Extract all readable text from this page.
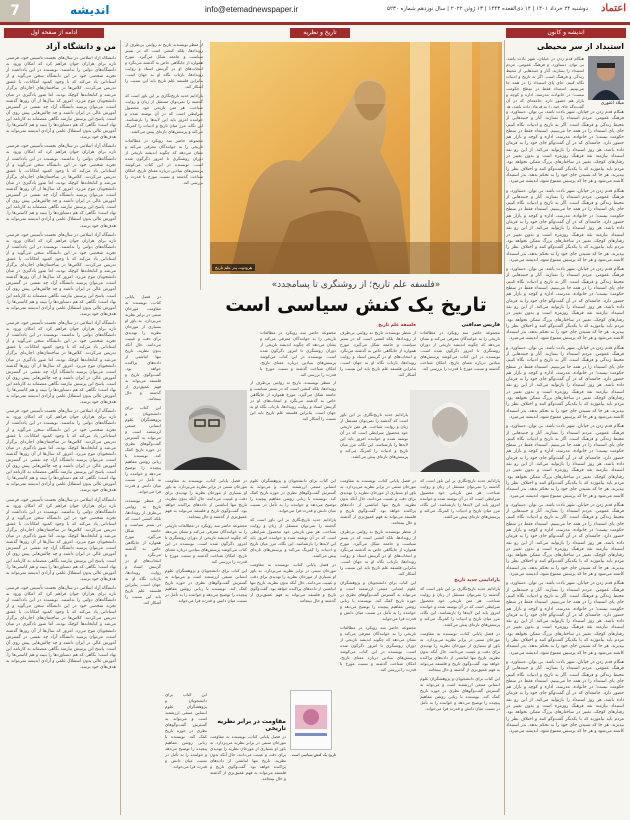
7	اندیشه	info@etemadnewspaper.ir	دوشنبه ۲۴ خرداد ۱۴۰۱ | ۱۴ ذی‌القعده ۱۴۴۳ | ۱۳ ژوئن ۲۰۲۲ | سال نوزدهم شماره ۵۲۳۰ اعتماد
اندیشه و کانون
تاریخ و نظریه
ادامه از صفحه اول
استبداد از سر محیطی
میلاد اعتوری
هنگام قدم زدن در خیابان، شهر بادت باشد. بی توان. دستاورد. و فرهنگ عمومی. مردم استبداد را بسازند. آثار و جنبه‌هایی از محیط زندگی و فرهنگ است. اگر به تاریخ و ادبیات نگاه کنیم، جای پای استبداد را در همه جا می‌بینیم. استبداد فقط در سطح حکومت نیست؛ در خانواده، مدرسه، اداره و کوچه و بازار هم حضور دارد. جامعه‌ای که در آن گفت‌وگو جای خود را به فرمان داده باشد، هر

هنگام قدم زدن در خیابان، شهر بادت باشد. بی توان. دستاورد. و فرهنگ عمومی. مردم استبداد را بسازند. آثار و جنبه‌هایی از محیط زندگی و فرهنگ است. اگر به تاریخ و ادبیات نگاه کنیم، جای پای استبداد را در همه جا می‌بینیم. استبداد فقط در سطح حکومت نیست؛ در خانواده، مدرسه، اداره و کوچه و بازار هم حضور دارد. جامعه‌ای که در آن گفت‌وگو جای خود را به فرمان داده باشد، هر روز استبداد را بازتولید می‌کند. از این رو نقد استبداد نیازمند نقد فرهنگ روزمره است و بدون تغییر در رفتارهای کوچک، تغییر در ساختارهای بزرگ ممکن نخواهد بود. مردم باید بیاموزند که با یکدیگر گفت‌وگو کنند و اختلاف نظر را بپذیرند. هر جا که شنیدن جای خود را به تحکم بدهد، بذر استبداد کاشته می‌شود و هر جا که پرسش ممنوع شود، اندیشه می‌میرد.

هنگام قدم زدن در خیابان، شهر بادت باشد. بی توان. دستاورد. و فرهنگ عمومی. مردم استبداد را بسازند. آثار و جنبه‌هایی از محیط زندگی و فرهنگ است. اگر به تاریخ و ادبیات نگاه کنیم، جای پای استبداد را در همه جا می‌بینیم. استبداد فقط در سطح حکومت نیست؛ در خانواده، مدرسه، اداره و کوچه و بازار هم حضور دارد. جامعه‌ای که در آن گفت‌وگو جای خود را به فرمان داده باشد، هر روز استبداد را بازتولید می‌کند. از این رو نقد استبداد نیازمند نقد فرهنگ روزمره است و بدون تغییر در رفتارهای کوچک، تغییر در ساختارهای بزرگ ممکن نخواهد بود. مردم باید بیاموزند که با یکدیگر گفت‌وگو کنند و اختلاف نظر را بپذیرند. هر جا که شنیدن جای خود را به تحکم بدهد، بذر استبداد کاشته می‌شود و هر جا که پرسش ممنوع شود، اندیشه می‌میرد.

هنگام قدم زدن در خیابان، شهر بادت باشد. بی توان. دستاورد. و فرهنگ عمومی. مردم استبداد را بسازند. آثار و جنبه‌هایی از محیط زندگی و فرهنگ است. اگر به تاریخ و ادبیات نگاه کنیم، جای پای استبداد را در همه جا می‌بینیم. استبداد فقط در سطح حکومت نیست؛ در خانواده، مدرسه، اداره و کوچه و بازار هم حضور دارد. جامعه‌ای که در آن گفت‌وگو جای خود را به فرمان داده باشد، هر روز استبداد را بازتولید می‌کند. از این رو نقد استبداد نیازمند نقد فرهنگ روزمره است و بدون تغییر در رفتارهای کوچک، تغییر در ساختارهای بزرگ ممکن نخواهد بود. مردم باید بیاموزند که با یکدیگر گفت‌وگو کنند و اختلاف نظر را بپذیرند. هر جا که شنیدن جای خود را به تحکم بدهد، بذر استبداد کاشته می‌شود و هر جا که پرسش ممنوع شود، اندیشه می‌میرد.

هنگام قدم زدن در خیابان، شهر بادت باشد. بی توان. دستاورد. و فرهنگ عمومی. مردم استبداد را بسازند. آثار و جنبه‌هایی از محیط زندگی و فرهنگ است. اگر به تاریخ و ادبیات نگاه کنیم، جای پای استبداد را در همه جا می‌بینیم. استبداد فقط در سطح حکومت نیست؛ در خانواده، مدرسه، اداره و کوچه و بازار هم حضور دارد. جامعه‌ای که در آن گفت‌وگو جای خود را به فرمان داده باشد، هر روز استبداد را بازتولید می‌کند. از این رو نقد استبداد نیازمند نقد فرهنگ روزمره است و بدون تغییر در رفتارهای کوچک، تغییر در ساختارهای بزرگ ممکن نخواهد بود. مردم باید بیاموزند که با یکدیگر گفت‌وگو کنند و اختلاف نظر را بپذیرند. هر جا که شنیدن جای خود را به تحکم بدهد، بذر استبداد کاشته می‌شود و هر جا که پرسش ممنوع شود، اندیشه می‌میرد.

هنگام قدم زدن در خیابان، شهر بادت باشد. بی توان. دستاورد. و فرهنگ عمومی. مردم استبداد را بسازند. آثار و جنبه‌هایی از محیط زندگی و فرهنگ است. اگر به تاریخ و ادبیات نگاه کنیم، جای پای استبداد را در همه جا می‌بینیم. استبداد فقط در سطح حکومت نیست؛ در خانواده، مدرسه، اداره و کوچه و بازار هم حضور دارد. جامعه‌ای که در آن گفت‌وگو جای خود را به فرمان داده باشد، هر روز استبداد را بازتولید می‌کند. از این رو نقد استبداد نیازمند نقد فرهنگ روزمره است و بدون تغییر در رفتارهای کوچک، تغییر در ساختارهای بزرگ ممکن نخواهد بود. مردم باید بیاموزند که با یکدیگر گفت‌وگو کنند و اختلاف نظر را بپذیرند. هر جا که شنیدن جای خود را به تحکم بدهد، بذر استبداد کاشته می‌شود و هر جا که پرسش ممنوع شود، اندیشه می‌میرد.

هنگام قدم زدن در خیابان، شهر بادت باشد. بی توان. دستاورد. و فرهنگ عمومی. مردم استبداد را بسازند. آثار و جنبه‌هایی از محیط زندگی و فرهنگ است. اگر به تاریخ و ادبیات نگاه کنیم، جای پای استبداد را در همه جا می‌بینیم. استبداد فقط در سطح حکومت نیست؛ در خانواده، مدرسه، اداره و کوچه و بازار هم حضور دارد. جامعه‌ای که در آن گفت‌وگو جای خود را به فرمان داده باشد، هر روز استبداد را بازتولید می‌کند. از این رو نقد استبداد نیازمند نقد فرهنگ روزمره است و بدون تغییر در رفتارهای کوچک، تغییر در ساختارهای بزرگ ممکن نخواهد بود. مردم باید بیاموزند که با یکدیگر گفت‌وگو کنند و اختلاف نظر را بپذیرند. هر جا که شنیدن جای خود را به تحکم بدهد، بذر استبداد کاشته می‌شود و هر جا که پرسش ممنوع شود، اندیشه می‌میرد.

هنگام قدم زدن در خیابان، شهر بادت باشد. بی توان. دستاورد. و فرهنگ عمومی. مردم استبداد را بسازند. آثار و جنبه‌هایی از محیط زندگی و فرهنگ است. اگر به تاریخ و ادبیات نگاه کنیم، جای پای استبداد را در همه جا می‌بینیم. استبداد فقط در سطح حکومت نیست؛ در خانواده، مدرسه، اداره و کوچه و بازار هم حضور دارد. جامعه‌ای که در آن گفت‌وگو جای خود را به فرمان داده باشد، هر روز استبداد را بازتولید می‌کند. از این رو نقد استبداد نیازمند نقد فرهنگ روزمره است و بدون تغییر در رفتارهای کوچک، تغییر در ساختارهای بزرگ ممکن نخواهد بود. مردم باید بیاموزند که با یکدیگر گفت‌وگو کنند و اختلاف نظر را بپذیرند. هر جا که شنیدن جای خود را به تحکم بدهد، بذر استبداد کاشته می‌شود و هر جا که پرسش ممنوع شود، اندیشه می‌میرد.

هنگام قدم زدن در خیابان، شهر بادت باشد. بی توان. دستاورد. و فرهنگ عمومی. مردم استبداد را بسازند. آثار و جنبه‌هایی از محیط زندگی و فرهنگ است. اگر به تاریخ و ادبیات نگاه کنیم، جای پای استبداد را در همه جا می‌بینیم. استبداد فقط در سطح حکومت نیست؛ در خانواده، مدرسه، اداره و کوچه و بازار هم حضور دارد. جامعه‌ای که در آن گفت‌وگو جای خود را به فرمان داده باشد، هر روز استبداد را بازتولید می‌کند. از این رو نقد استبداد نیازمند نقد فرهنگ روزمره است و بدون تغییر در رفتارهای کوچک، تغییر در ساختارهای بزرگ ممکن نخواهد بود. مردم باید بیاموزند که با یکدیگر گفت‌وگو کنند و اختلاف نظر را بپذیرند. هر جا که شنیدن جای خود را به تحکم بدهد، بذر استبداد کاشته می‌شود و هر جا که پرسش ممنوع شود، اندیشه می‌میرد.

هرودوت پدر علم تاریخ
«فلسفه علم تاریخ؛ از روشنگری تا پسامجدد»
تاریخ یک کنش سیاسی است
فاریس صداقتی
مجموعه حاضر سه رویکرد در مطالعات تاریخی را به خوانندگان معرفی می‌کند و نشان می‌دهد که چگونه اندیشه تاریخی از دوران روشنگری تا امروز دگرگون شده است. نویسنده در این کتاب می‌کوشد پرسش‌های بنیادین درباره معنای تاریخ، امکان شناخت گذشته و نسبت مورخ با قدرت را بررسی کند.
از منظر نویسنده، تاریخ نه روایتی بی‌طرف از رویدادها، بلکه کنشی است که در بستر سیاست و جامعه شکل می‌گیرد. مورخ همواره از جایگاهی خاص به گذشته می‌نگرد و انتخاب‌های او در گزینش اسناد و روایت رویدادها، بازتاب نگاه او به جهان است. بنابراین فلسفه علم تاریخ باید این نسبت را آشکار کند.
مجموعه حاضر سه رویکرد در مطالعات تاریخی را به خوانندگان معرفی می‌کند و نشان می‌دهد که چگونه اندیشه تاریخی از دوران روشنگری تا امروز دگرگون شده است. نویسنده در این کتاب می‌کوشد پرسش‌های بنیادین درباره معنای تاریخ، امکان شناخت گذشته و نسبت مورخ با قدرت را بررسی کند.
فلسفه علم تاریخ
پارادایم جدید تاریخ‌نگاری بر این باور است که گذشته را نمی‌توان مستقل از زبان و روایت شناخت. هر متن تاریخی خود محصول شرایطی است که در آن نوشته شده و خواننده امروز باید این لایه‌ها را بازشناسد. این نگاه، مرز میان تاریخ و ادبیات را کمرنگ می‌کند و پرسش‌های تازه‌ای پیش می‌کشد.
از منظر نویسنده، تاریخ نه روایتی بی‌طرف از رویدادها، بلکه کنشی است که در بستر سیاست و جامعه شکل می‌گیرد. مورخ همواره از جایگاهی خاص به گذشته می‌نگرد و انتخاب‌های او در گزینش اسناد و روایت رویدادها، بازتاب نگاه او به جهان است. بنابراین فلسفه علم تاریخ باید این نسبت را آشکار کند.
پارادایمی جدید تاریخ
پارادایم جدید تاریخ‌نگاری بر این باور است که گذشته را نمی‌توان مستقل از زبان و روایت شناخت. هر متن تاریخی خود محصول شرایطی است که در آن نوشته شده و خواننده امروز باید این لایه‌ها را بازشناسد. این نگاه، مرز میان تاریخ و ادبیات را کمرنگ می‌کند و پرسش‌های تازه‌ای پیش می‌کشد.

پارادایم جدید تاریخ‌نگاری بر این باور است که گذشته را نمی‌توان مستقل از زبان و روایت شناخت. هر متن تاریخی خود محصول شرایطی است که در آن نوشته شده و خواننده امروز باید این لایه‌ها را بازشناسد. این نگاه، مرز میان تاریخ و ادبیات را کمرنگ می‌کند و پرسش‌های تازه‌ای پیش می‌کشد.

در فصل پایانی کتاب، نویسنده به مقاومت مورخان سنتی در برابر نظریه می‌پردازد. به باور او بسیاری از مورخان نظریه را تهدیدی برای دقت و عینیت می‌دانند، حال آنکه بدون نظریه، تاریخ تنها انباشتی از داده‌های پراکنده خواهد بود. گفت‌وگوی تاریخ و فلسفه می‌تواند به فهم عمیق‌تری از گذشته و حال بینجامد.

این کتاب برای دانشجویان و پژوهشگران علوم انسانی منبعی ارزشمند است و می‌تواند به گسترش گفت‌وگوهای نظری در حوزه تاریخ کمک کند. نویسنده با زبانی روشن مفاهیم پیچیده را توضیح می‌دهد و خواننده را به تأمل در نسبت میان دانش و قدرت فرا می‌خواند.

در فصل پایانی کتاب، نویسنده به مقاومت مورخان سنتی در برابر نظریه می‌پردازد. به باور او بسیاری از مورخان نظریه را تهدیدی برای دقت و عینیت می‌دانند، حال آنکه بدون نظریه، تاریخ تنها انباشتی از داده‌های پراکنده خواهد بود. گفت‌وگوی تاریخ و فلسفه می‌تواند به فهم عمیق‌تری از گذشته و حال بینجامد.

از منظر نویسنده، تاریخ نه روایتی بی‌طرف از رویدادها، بلکه کنشی است که در بستر سیاست و جامعه شکل می‌گیرد. مورخ همواره از جایگاهی خاص به گذشته می‌نگرد و انتخاب‌های او در گزینش اسناد و روایت رویدادها، بازتاب نگاه او به جهان است. بنابراین فلسفه علم تاریخ باید این نسبت را آشکار کند.

این کتاب برای دانشجویان و پژوهشگران علوم انسانی منبعی ارزشمند است و می‌تواند به گسترش گفت‌وگوهای نظری در حوزه تاریخ کمک کند. نویسنده با زبانی روشن مفاهیم پیچیده را توضیح می‌دهد و خواننده را به تأمل در نسبت میان دانش و قدرت فرا می‌خواند.

مجموعه حاضر سه رویکرد در مطالعات تاریخی را به خوانندگان معرفی می‌کند و نشان می‌دهد که چگونه اندیشه تاریخی از دوران روشنگری تا امروز دگرگون شده است. نویسنده در این کتاب می‌کوشد پرسش‌های بنیادین درباره معنای تاریخ، امکان شناخت گذشته و نسبت مورخ با قدرت را بررسی کند.

این کتاب برای دانشجویان و پژوهشگران علوم انسانی منبعی ارزشمند است و می‌تواند به گسترش گفت‌وگوهای نظری در حوزه تاریخ کمک کند. نویسنده با زبانی روشن مفاهیم پیچیده را توضیح می‌دهد و خواننده را به تأمل در نسبت میان دانش و قدرت فرا می‌خواند.

پارادایم جدید تاریخ‌نگاری بر این باور است که گذشته را نمی‌توان مستقل از زبان و روایت شناخت. هر متن تاریخی خود محصول شرایطی است که در آن نوشته شده و خواننده امروز باید این لایه‌ها را بازشناسد. این نگاه، مرز میان تاریخ و ادبیات را کمرنگ می‌کند و پرسش‌های تازه‌ای پیش می‌کشد.

در فصل پایانی کتاب، نویسنده به مقاومت مورخان سنتی در برابر نظریه می‌پردازد. به باور او بسیاری از مورخان نظریه را تهدیدی برای دقت و عینیت می‌دانند، حال آنکه بدون نظریه، تاریخ تنها انباشتی از داده‌های پراکنده خواهد بود. گفت‌وگوی تاریخ و فلسفه می‌تواند به فهم عمیق‌تری از گذشته و حال بینجامد.

در فصل پایانی کتاب، نویسنده به مقاومت مورخان سنتی در برابر نظریه می‌پردازد. به باور او بسیاری از مورخان نظریه را تهدیدی برای دقت و عینیت می‌دانند، حال آنکه بدون نظریه، تاریخ تنها انباشتی از داده‌های پراکنده خواهد بود. گفت‌وگوی تاریخ و فلسفه می‌تواند به فهم عمیق‌تری از گذشته و حال بینجامد.

مجموعه حاضر سه رویکرد در مطالعات تاریخی را به خوانندگان معرفی می‌کند و نشان می‌دهد که چگونه اندیشه تاریخی از دوران روشنگری تا امروز دگرگون شده است. نویسنده در این کتاب می‌کوشد پرسش‌های بنیادین درباره معنای تاریخ، امکان شناخت گذشته و نسبت مورخ با قدرت را بررسی کند.

این کتاب برای دانشجویان و پژوهشگران علوم انسانی منبعی ارزشمند است و می‌تواند به گسترش گفت‌وگوهای نظری در حوزه تاریخ کمک کند. نویسنده با زبانی روشن مفاهیم پیچیده را توضیح می‌دهد و خواننده را به تأمل در نسبت میان دانش و قدرت فرا می‌خواند.

تاریخ یک کنش سیاسی است
مقاومت در برابر نظریه تاریخی
در فصل پایانی کتاب، نویسنده به مقاومت مورخان سنتی در برابر نظریه می‌پردازد. به باور او بسیاری از مورخان نظریه را تهدیدی برای دقت و عینیت می‌دانند، حال آنکه بدون نظریه، تاریخ تنها انباشتی از داده‌های پراکنده خواهد بود. گفت‌وگوی تاریخ و فلسفه می‌تواند به فهم عمیق‌تری از گذشته و حال بینجامد.
این کتاب برای دانشجویان و پژوهشگران علوم انسانی منبعی ارزشمند است و می‌تواند به گسترش گفت‌وگوهای نظری در حوزه تاریخ کمک کند. نویسنده با زبانی روشن مفاهیم پیچیده را توضیح می‌دهد و خواننده را به تأمل در نسبت میان دانش و قدرت فرا می‌خواند.

از منظر نویسنده، تاریخ نه روایتی بی‌طرف از رویدادها، بلکه کنشی است که در بستر سیاست و جامعه شکل می‌گیرد. مورخ همواره از جایگاهی خاص به گذشته می‌نگرد و انتخاب‌های او در گزینش اسناد و روایت رویدادها، بازتاب نگاه او به جهان است. بنابراین فلسفه علم تاریخ باید این نسبت را آشکار کند.

پارادایم جدید تاریخ‌نگاری بر این باور است که گذشته را نمی‌توان مستقل از زبان و روایت شناخت. هر متن تاریخی خود محصول شرایطی است که در آن نوشته شده و خواننده امروز باید این لایه‌ها را بازشناسد. این نگاه، مرز میان تاریخ و ادبیات را کمرنگ می‌کند و پرسش‌های تازه‌ای پیش می‌کشد.

مجموعه حاضر سه رویکرد در مطالعات تاریخی را به خوانندگان معرفی می‌کند و نشان می‌دهد که چگونه اندیشه تاریخی از دوران روشنگری تا امروز دگرگون شده است. نویسنده در این کتاب می‌کوشد پرسش‌های بنیادین درباره معنای تاریخ، امکان شناخت گذشته و نسبت مورخ با قدرت را بررسی کند.

در فصل پایانی کتاب، نویسنده به مقاومت مورخان سنتی در برابر نظریه می‌پردازد. به باور او بسیاری از مورخان نظریه را تهدیدی برای دقت و عینیت می‌دانند، حال آنکه بدون نظریه، تاریخ تنها انباشتی از داده‌های پراکنده خواهد بود. گفت‌وگوی تاریخ و فلسفه می‌تواند به فهم عمیق‌تری از گذشته و حال بینجامد.

این کتاب برای دانشجویان و پژوهشگران علوم انسانی منبعی ارزشمند است و می‌تواند به گسترش گفت‌وگوهای نظری در حوزه تاریخ کمک کند. نویسنده با زبانی روشن مفاهیم پیچیده را توضیح می‌دهد و خواننده را به تأمل در نسبت میان دانش و قدرت فرا می‌خواند.

از منظر نویسنده، تاریخ نه روایتی بی‌طرف از رویدادها، بلکه کنشی است که در بستر سیاست و جامعه شکل می‌گیرد. مورخ همواره از جایگاهی خاص به گذشته می‌نگرد و انتخاب‌های او در گزینش اسناد و روایت رویدادها، بازتاب نگاه او به جهان است. بنابراین فلسفه علم تاریخ باید این نسبت را آشکار کند.

من و دانشگاه آزاد

دانشگاه آزاد اسلامی در سال‌های نخست تأسیس خود، فرصتی تازه برای هزاران جوان فراهم کرد که امکان ورود به دانشگاه‌های دولتی را نداشتند. نویسنده در این یادداشت از تجربه شخصی خود در این دانشگاه سخن می‌گوید و از استادانی یاد می‌کند که با وجود کمبود امکانات، با عشق تدریس می‌کردند. کلاس‌ها در ساختمان‌های اجاره‌ای برگزار می‌شد و کتابخانه‌ها کوچک بودند، اما شور یادگیری در میان دانشجویان موج می‌زد. امروز که سال‌ها از آن روزها گذشته است، می‌توان پرسید دانشگاه آزاد چه نقشی در گسترش آموزش عالی در ایران داشته و چه چالش‌هایی پیش روی آن است. پاسخ این پرسش نیازمند نگاهی منصفانه به کارنامه این نهاد است؛ نگاهی که هم دستاوردها را ببیند و هم کاستی‌ها را. آموزش عالی بدون استقلال علمی و آزادی اندیشه نمی‌تواند به هدف‌های خود برسد.

دانشگاه آزاد اسلامی در سال‌های نخست تأسیس خود، فرصتی تازه برای هزاران جوان فراهم کرد که امکان ورود به دانشگاه‌های دولتی را نداشتند. نویسنده در این یادداشت از تجربه شخصی خود در این دانشگاه سخن می‌گوید و از استادانی یاد می‌کند که با وجود کمبود امکانات، با عشق تدریس می‌کردند. کلاس‌ها در ساختمان‌های اجاره‌ای برگزار می‌شد و کتابخانه‌ها کوچک بودند، اما شور یادگیری در میان دانشجویان موج می‌زد. امروز که سال‌ها از آن روزها گذشته است، می‌توان پرسید دانشگاه آزاد چه نقشی در گسترش آموزش عالی در ایران داشته و چه چالش‌هایی پیش روی آن است. پاسخ این پرسش نیازمند نگاهی منصفانه به کارنامه این نهاد است؛ نگاهی که هم دستاوردها را ببیند و هم کاستی‌ها را. آموزش عالی بدون استقلال علمی و آزادی اندیشه نمی‌تواند به هدف‌های خود برسد.

دانشگاه آزاد اسلامی در سال‌های نخست تأسیس خود، فرصتی تازه برای هزاران جوان فراهم کرد که امکان ورود به دانشگاه‌های دولتی را نداشتند. نویسنده در این یادداشت از تجربه شخصی خود در این دانشگاه سخن می‌گوید و از استادانی یاد می‌کند که با وجود کمبود امکانات، با عشق تدریس می‌کردند. کلاس‌ها در ساختمان‌های اجاره‌ای برگزار می‌شد و کتابخانه‌ها کوچک بودند، اما شور یادگیری در میان دانشجویان موج می‌زد. امروز که سال‌ها از آن روزها گذشته است، می‌توان پرسید دانشگاه آزاد چه نقشی در گسترش آموزش عالی در ایران داشته و چه چالش‌هایی پیش روی آن است. پاسخ این پرسش نیازمند نگاهی منصفانه به کارنامه این نهاد است؛ نگاهی که هم دستاوردها را ببیند و هم کاستی‌ها را. آموزش عالی بدون استقلال علمی و آزادی اندیشه نمی‌تواند به هدف‌های خود برسد.

دانشگاه آزاد اسلامی در سال‌های نخست تأسیس خود، فرصتی تازه برای هزاران جوان فراهم کرد که امکان ورود به دانشگاه‌های دولتی را نداشتند. نویسنده در این یادداشت از تجربه شخصی خود در این دانشگاه سخن می‌گوید و از استادانی یاد می‌کند که با وجود کمبود امکانات، با عشق تدریس می‌کردند. کلاس‌ها در ساختمان‌های اجاره‌ای برگزار می‌شد و کتابخانه‌ها کوچک بودند، اما شور یادگیری در میان دانشجویان موج می‌زد. امروز که سال‌ها از آن روزها گذشته است، می‌توان پرسید دانشگاه آزاد چه نقشی در گسترش آموزش عالی در ایران داشته و چه چالش‌هایی پیش روی آن است. پاسخ این پرسش نیازمند نگاهی منصفانه به کارنامه این نهاد است؛ نگاهی که هم دستاوردها را ببیند و هم کاستی‌ها را. آموزش عالی بدون استقلال علمی و آزادی اندیشه نمی‌تواند به هدف‌های خود برسد.

دانشگاه آزاد اسلامی در سال‌های نخست تأسیس خود، فرصتی تازه برای هزاران جوان فراهم کرد که امکان ورود به دانشگاه‌های دولتی را نداشتند. نویسنده در این یادداشت از تجربه شخصی خود در این دانشگاه سخن می‌گوید و از استادانی یاد می‌کند که با وجود کمبود امکانات، با عشق تدریس می‌کردند. کلاس‌ها در ساختمان‌های اجاره‌ای برگزار می‌شد و کتابخانه‌ها کوچک بودند، اما شور یادگیری در میان دانشجویان موج می‌زد. امروز که سال‌ها از آن روزها گذشته است، می‌توان پرسید دانشگاه آزاد چه نقشی در گسترش آموزش عالی در ایران داشته و چه چالش‌هایی پیش روی آن است. پاسخ این پرسش نیازمند نگاهی منصفانه به کارنامه این نهاد است؛ نگاهی که هم دستاوردها را ببیند و هم کاستی‌ها را. آموزش عالی بدون استقلال علمی و آزادی اندیشه نمی‌تواند به هدف‌های خود برسد.

دانشگاه آزاد اسلامی در سال‌های نخست تأسیس خود، فرصتی تازه برای هزاران جوان فراهم کرد که امکان ورود به دانشگاه‌های دولتی را نداشتند. نویسنده در این یادداشت از تجربه شخصی خود در این دانشگاه سخن می‌گوید و از استادانی یاد می‌کند که با وجود کمبود امکانات، با عشق تدریس می‌کردند. کلاس‌ها در ساختمان‌های اجاره‌ای برگزار می‌شد و کتابخانه‌ها کوچک بودند، اما شور یادگیری در میان دانشجویان موج می‌زد. امروز که سال‌ها از آن روزها گذشته است، می‌توان پرسید دانشگاه آزاد چه نقشی در گسترش آموزش عالی در ایران داشته و چه چالش‌هایی پیش روی آن است. پاسخ این پرسش نیازمند نگاهی منصفانه به کارنامه این نهاد است؛ نگاهی که هم دستاوردها را ببیند و هم کاستی‌ها را. آموزش عالی بدون استقلال علمی و آزادی اندیشه نمی‌تواند به هدف‌های خود برسد.

دانشگاه آزاد اسلامی در سال‌های نخست تأسیس خود، فرصتی تازه برای هزاران جوان فراهم کرد که امکان ورود به دانشگاه‌های دولتی را نداشتند. نویسنده در این یادداشت از تجربه شخصی خود در این دانشگاه سخن می‌گوید و از استادانی یاد می‌کند که با وجود کمبود امکانات، با عشق تدریس می‌کردند. کلاس‌ها در ساختمان‌های اجاره‌ای برگزار می‌شد و کتابخانه‌ها کوچک بودند، اما شور یادگیری در میان دانشجویان موج می‌زد. امروز که سال‌ها از آن روزها گذشته است، می‌توان پرسید دانشگاه آزاد چه نقشی در گسترش آموزش عالی در ایران داشته و چه چالش‌هایی پیش روی آن است. پاسخ این پرسش نیازمند نگاهی منصفانه به کارنامه این نهاد است؛ نگاهی که هم دستاوردها را ببیند و هم کاستی‌ها را. آموزش عالی بدون استقلال علمی و آزادی اندیشه نمی‌تواند به هدف‌های خود برسد.
